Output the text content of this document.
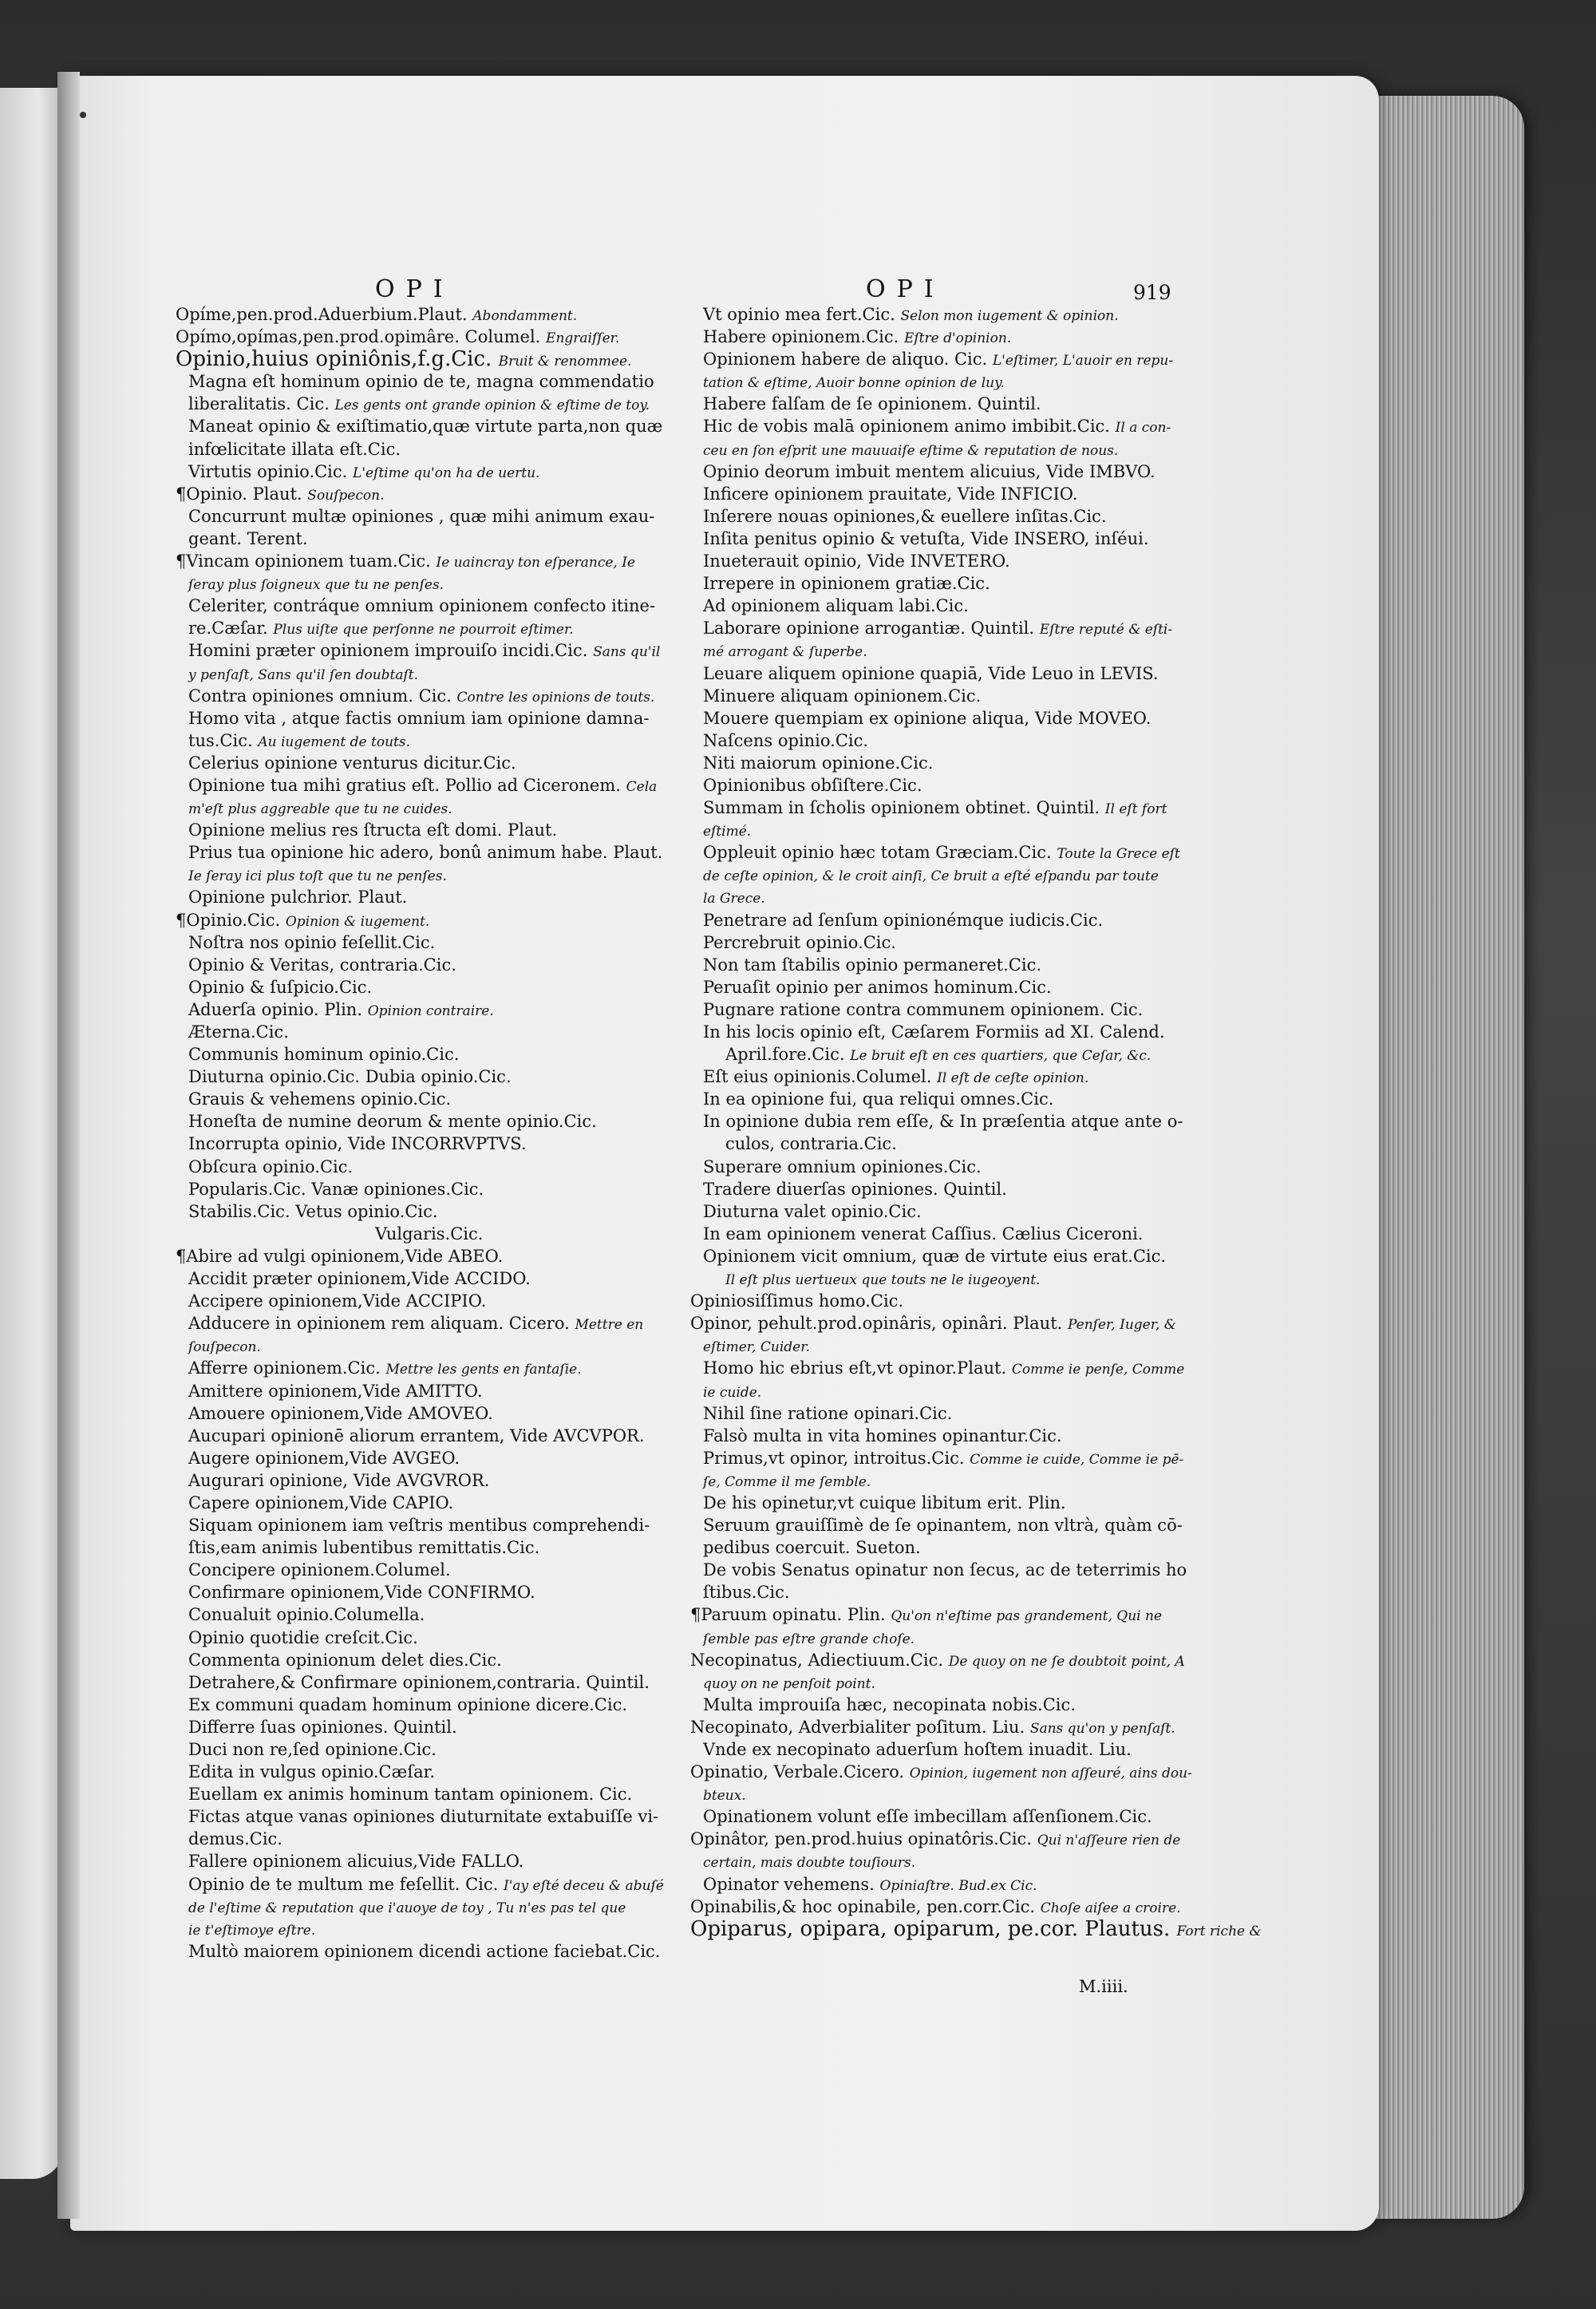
OPI	OPI	919
Opíme,pen.prod.Aduerbium.Plaut. Abondamment.
Opímo,opímas,pen.prod.opimâre. Columel. Engraiſſer.
Opinio,huius opiniônis,f.g.Cic. Bruit & renommee.
Magna eſt hominum opinio de te, magna commendatio
liberalitatis. Cic. Les gents ont grande opinion & eſtime de toy.
Maneat opinio & exiſtimatio,quæ virtute parta,non quæ
infœlicitate illata eſt.Cic.
Virtutis opinio.Cic. L'eſtime qu'on ha de uertu.
¶Opinio. Plaut. Souſpecon.
Concurrunt multæ opiniones , quæ mihi animum exau-
geant. Terent.
¶Vincam opinionem tuam.Cic. Ie uaincray ton eſperance, Ie
ſeray plus ſoigneux que tu ne penſes.
Celeriter, contráque omnium opinionem confecto itine-
re.Cæſar. Plus uiſte que perſonne ne pourroit eſtimer.
Homini præter opinionem improuiſo incidi.Cic. Sans qu'il
y penſaſt, Sans qu'il ſen doubtaſt.
Contra opiniones omnium. Cic. Contre les opinions de touts.
Homo vita , atque factis omnium iam opinione damna-
tus.Cic. Au iugement de touts.
Celerius opinione venturus dicitur.Cic.
Opinione tua mihi gratius eſt. Pollio ad Ciceronem. Cela
m'eſt plus aggreable que tu ne cuides.
Opinione melius res ſtructa eſt domi. Plaut.
Prius tua opinione hic adero, bonû animum habe. Plaut.
Ie ſeray ici plus toſt que tu ne penſes.
Opinione pulchrior. Plaut.
¶Opinio.Cic. Opinion & iugement.
Noſtra nos opinio feſellit.Cic.
Opinio & Veritas, contraria.Cic.
Opinio & ſuſpicio.Cic.
Aduerſa opinio. Plin. Opinion contraire.
Æterna.Cic.
Communis hominum opinio.Cic.
Diuturna opinio.Cic. Dubia opinio.Cic.
Grauis & vehemens opinio.Cic.
Honeſta de numine deorum & mente opinio.Cic.
Incorrupta opinio, Vide INCORRVPTVS.
Obſcura opinio.Cic.
Popularis.Cic. Vanæ opiniones.Cic.
Stabilis.Cic. Vetus opinio.Cic.
Vulgaris.Cic.
¶Abire ad vulgi opinionem,Vide ABEO.
Accidit præter opinionem,Vide ACCIDO.
Accipere opinionem,Vide ACCIPIO.
Adducere in opinionem rem aliquam. Cicero. Mettre en
ſouſpecon.
Afferre opinionem.Cic. Mettre les gents en fantaſie.
Amittere opinionem,Vide AMITTO.
Amouere opinionem,Vide AMOVEO.
Aucupari opinionē aliorum errantem, Vide AVCVPOR.
Augere opinionem,Vide AVGEO.
Augurari opinione, Vide AVGVROR.
Capere opinionem,Vide CAPIO.
Siquam opinionem iam veſtris mentibus comprehendi-
ſtis,eam animis lubentibus remittatis.Cic.
Concipere opinionem.Columel.
Confirmare opinionem,Vide CONFIRMO.
Conualuit opinio.Columella.
Opinio quotidie creſcit.Cic.
Commenta opinionum delet dies.Cic.
Detrahere,& Confirmare opinionem,contraria. Quintil.
Ex communi quadam hominum opinione dicere.Cic.
Differre ſuas opiniones. Quintil.
Duci non re,ſed opinione.Cic.
Edita in vulgus opinio.Cæſar.
Euellam ex animis hominum tantam opinionem. Cic.
Fictas atque vanas opiniones diuturnitate extabuiſſe vi-
demus.Cic.
Fallere opinionem alicuius,Vide FALLO.
Opinio de te multum me feſellit. Cic. I'ay eſté deceu & abuſé
de l'eſtime & reputation que i'auoye de toy , Tu n'es pas tel que
ie t'eſtimoye eſtre.
Multò maiorem opinionem dicendi actione faciebat.Cic.
Vt opinio mea fert.Cic. Selon mon iugement & opinion.
Habere opinionem.Cic. Eſtre d'opinion.
Opinionem habere de aliquo. Cic. L'eſtimer, L'auoir en repu-
tation & eſtime, Auoir bonne opinion de luy.
Habere falſam de ſe opinionem. Quintil.
Hic de vobis malā opinionem animo imbibit.Cic. Il a con-
ceu en ſon eſprit une mauuaiſe eſtime & reputation de nous.
Opinio deorum imbuit mentem alicuius, Vide IMBVO.
Inficere opinionem prauitate, Vide INFICIO.
Inſerere nouas opiniones,& euellere inſitas.Cic.
Inſita penitus opinio & vetuſta, Vide INSERO, inſéui.
Inueterauit opinio, Vide INVETERO.
Irrepere in opinionem gratiæ.Cic.
Ad opinionem aliquam labi.Cic.
Laborare opinione arrogantiæ. Quintil. Eſtre reputé & eſti-
mé arrogant & ſuperbe.
Leuare aliquem opinione quapiā, Vide Leuo in LEVIS.
Minuere aliquam opinionem.Cic.
Mouere quempiam ex opinione aliqua, Vide MOVEO.
Naſcens opinio.Cic.
Niti maiorum opinione.Cic.
Opinionibus obſiſtere.Cic.
Summam in ſcholis opinionem obtinet. Quintil. Il eſt fort
eſtimé.
Oppleuit opinio hæc totam Græciam.Cic. Toute la Grece eſt
de ceſte opinion, & le croit ainſi, Ce bruit a eſté eſpandu par toute
la Grece.
Penetrare ad ſenſum opinionémque iudicis.Cic.
Percrebruit opinio.Cic.
Non tam ſtabilis opinio permaneret.Cic.
Peruaſit opinio per animos hominum.Cic.
Pugnare ratione contra communem opinionem. Cic.
In his locis opinio eſt, Cæſarem Formiis ad XI. Calend.
April.fore.Cic. Le bruit eſt en ces quartiers, que Ceſar, &c.
Eſt eius opinionis.Columel. Il eſt de ceſte opinion.
In ea opinione fui, qua reliqui omnes.Cic.
In opinione dubia rem eſſe, & In præſentia atque ante o-
culos, contraria.Cic.
Superare omnium opiniones.Cic.
Tradere diuerſas opiniones. Quintil.
Diuturna valet opinio.Cic.
In eam opinionem venerat Caſſius. Cælius Ciceroni.
Opinionem vicit omnium, quæ de virtute eius erat.Cic.
Il eſt plus uertueux que touts ne le iugeoyent.
Opiniosiſſimus homo.Cic.
Opinor, pehult.prod.opinâris, opinâri. Plaut. Penſer, Iuger, &
eſtimer, Cuider.
Homo hic ebrius eſt,vt opinor.Plaut. Comme ie penſe, Comme
ie cuide.
Nihil ſine ratione opinari.Cic.
Falsò multa in vita homines opinantur.Cic.
Primus,vt opinor, introitus.Cic. Comme ie cuide, Comme ie pē-
ſe, Comme il me ſemble.
De his opinetur,vt cuique libitum erit. Plin.
Seruum grauiſſimè de ſe opinantem, non vltrà, quàm cō-
pedibus coercuit. Sueton.
De vobis Senatus opinatur non ſecus, ac de teterrimis ho
ſtibus.Cic.
¶Paruum opinatu. Plin. Qu'on n'eſtime pas grandement, Qui ne
ſemble pas eſtre grande choſe.
Necopinatus, Adiectiuum.Cic. De quoy on ne ſe doubtoit point, A
quoy on ne penſoit point.
Multa improuiſa hæc, necopinata nobis.Cic.
Necopinato, Adverbialiter poſitum. Liu. Sans qu'on y penſaſt.
Vnde ex necopinato aduerſum hoſtem inuadit. Liu.
Opinatio, Verbale.Cicero. Opinion, iugement non aſſeuré, ains dou-
bteux.
Opinationem volunt eſſe imbecillam aſſenſionem.Cic.
Opinâtor, pen.prod.huius opinatôris.Cic. Qui n'aſſeure rien de
certain, mais doubte touſiours.
Opinator vehemens. Opiniaſtre. Bud.ex Cic.
Opinabilis,& hoc opinabile, pen.corr.Cic. Choſe aiſee a croire.
Opiparus, opipara, opiparum, pe.cor. Plautus. Fort riche &
M.iiii.
